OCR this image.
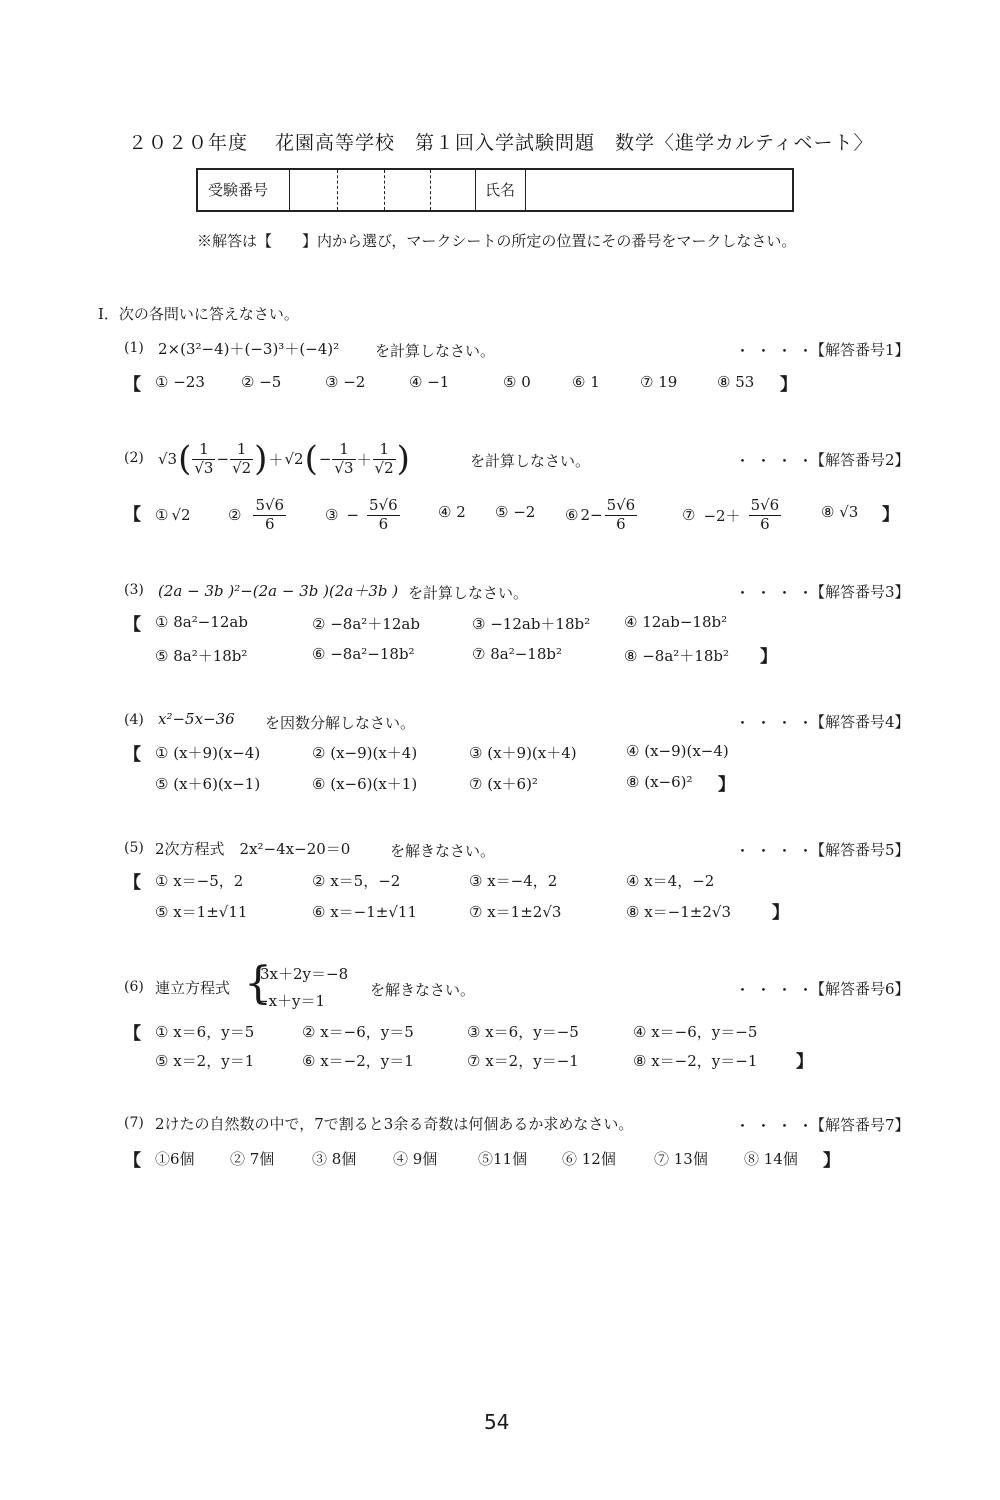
２０２０年度　 花園高等学校　第１回入学試験問題　数学〈進学カルティベート〉
受験番号	氏名
※解答は【　　】内から選び，マークシートの所定の位置にその番号をマークしなさい。
Ⅰ．次の各問いに答えなさい。
(1) 2×(3²−4)＋(−3)³＋(−4)² を計算しなさい。	・・・・
【解答番号1】
【 ① −23 ② −5	③ −2	④ −1	⑤ 0	⑥ 1	⑦ 19	⑧ 53 】
(2) √3 ( $\frac{1}{√3} - \frac{1}{√2}$ ) ＋ √2 ( − $\frac{1}{√3} + \frac{1}{√2}$ )	を計算しなさい。	・・・・
【解答番号2】
【 ① √2 ② $\frac{5√6}{6}$	③ − $\frac{5√6}{6}$	④ 2 ⑤ −2 ⑥ $2- \frac{5√6}{6}$	⑦ $-2+ \frac{5√6}{6}$	⑧ √3 】
(3) (2a − 3b )²−(2a − 3b )(2a＋3b ) を計算しなさい。	・・・・
【解答番号3】
【 ① 8a²−12ab	② −8a²＋12ab	③ −12ab＋18b² ④ 12ab−18b²
⑤ 8a²＋18b²	⑥ −8a²−18b²	⑦ 8a²−18b²	⑧ −8a²＋18b² 】
(4) x²−5x−36 を因数分解しなさい。	・・・・
【解答番号4】
【 ① (x＋9)(x−4)	② (x−9)(x＋4)	③ (x＋9)(x＋4)	④ (x−9)(x−4)
⑤ (x＋6)(x−1)	⑥ (x−6)(x＋1)	⑦ (x＋6)²	⑧ (x−6)² 】
(5) 2次方程式　2x²−4x−20＝0	を解きなさい。	・・・・
【解答番号5】
【 ① x＝−5，2	② x＝5，−2	③ x＝−4，2	④ x＝4，−2
⑤ x＝1±√11	⑥ x＝−1±√11	⑦ x＝1±2√3	⑧ x＝−1±2√3 】
(6) 連立方程式 {
3x＋2y＝−8
−x＋y＝1
を解きなさい。	・・・・
【解答番号6】
【 ① x＝6，y＝5	② x＝−6，y＝5	③ x＝6，y＝−5	④ x＝−6，y＝−5
⑤ x＝2，y＝1	⑥ x＝−2，y＝1	⑦ x＝2，y＝−1	⑧ x＝−2，y＝−1 】
(7) 2けたの自然数の中で，7で割ると3余る奇数は何個あるか求めなさい。	・・・・
【解答番号7】
【 ①6個 ② 7個	③ 8個 ④ 9個	⑤11個 ⑥ 12個	⑦ 13個 ⑧ 14個 】
54
